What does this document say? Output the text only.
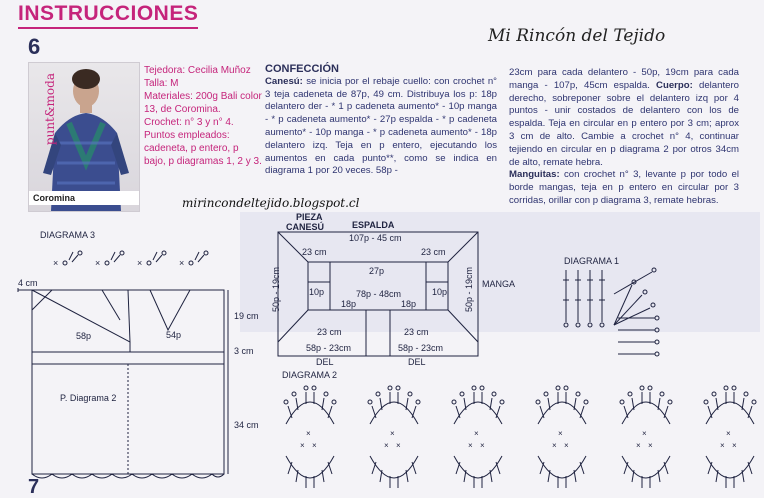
INSTRUCCIONES
6	Mi Rincón del Tejido
punt&moda
Coromina
Tejedora: Cecilia Muñoz
Talla: M
Materiales: 200g Bali color 13, de Coromina.
Crochet: n° 3 y n° 4.
Puntos empleados: cadeneta, p entero, p bajo, p diagramas 1, 2 y 3.
CONFECCIÓN
Canesú: se inicia por el rebaje cuello: con crochet n° 3 teja cadeneta de 87p, 49 cm. Distribuya los p: 18p delantero der - * 1 p cadeneta aumento* - 10p manga - * p cadeneta aumento* - 27p espalda - * p cadeneta aumento* - 10p manga - * p cadeneta aumento* - 18p delantero izq. Teja en p entero, ejecutando los aumentos en cada punto**, como se indica en diagrama 1 por 20 veces. 58p -
23cm para cada delantero - 50p, 19cm para cada manga - 107p, 45cm espalda. Cuerpo: delantero derecho, sobreponer sobre el delantero izq por 4 puntos - unir costados de delantero con los de espalda. Teja en circular en p entero por 3 cm; aprox 3 cm de alto. Cambie a crochet n° 4, continuar tejiendo en circular en p diagrama 2 por otros 34cm de alto, remate hebra.
Manguitas: con crochet n° 3, levante p por todo el borde mangas, teja en p entero en circular por 3 corridas, orillar con p diagrama 3, remate hebras.
mirincondeltejido.blogspot.cl
DIAGRAMA 3
×	×	×	×
4 cm
58p	54p
19 cm
3 cm
34 cm
P. Diagrama 2
PIEZA
CANESÚ	ESPALDA
107p - 45 cm
23 cm	23 cm
27p
50p - 19cm	50p - 19cm
10p	10p
78p - 48cm
18p	18p
MANGA
23 cm	23 cm
58p - 23cm	58p - 23cm
DEL	DEL
DIAGRAMA 1
DIAGRAMA 2
×
× ×
7
